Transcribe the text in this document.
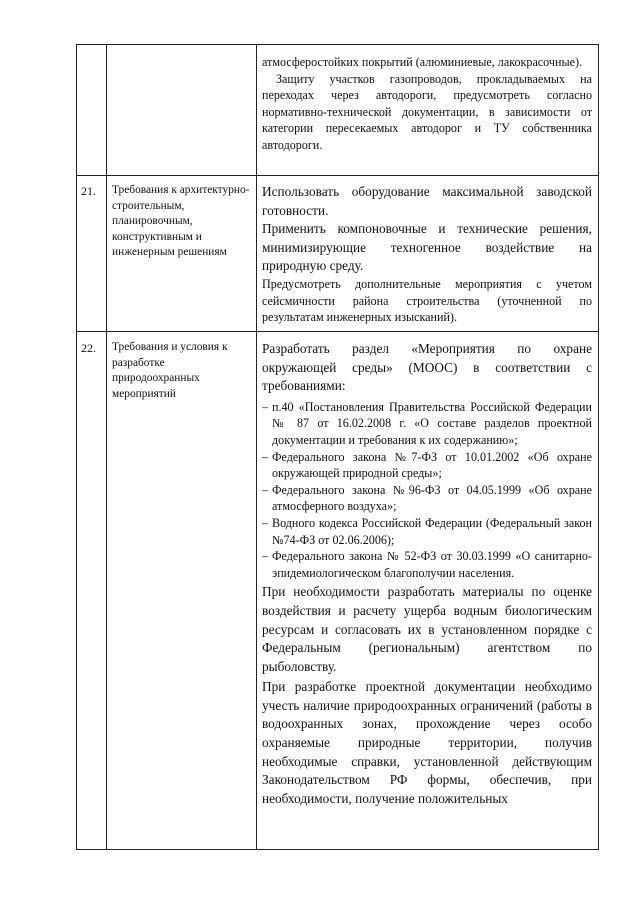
атмосферостойких покрытий (алюминиевые, лакокрасочные).

Защиту участков газопроводов, прокладываемых на переходах через автодороги, предусмотреть согласно нормативно-технической документации, в зависимости от категории пересекаемых автодорог и ТУ собственника автодороги.

21. Требования к архитектурно-строительным, планировочным, конструктивным и инженерным решениям

Использовать оборудование максимальной заводской готовности.

Применить компоновочные и технические решения, минимизирующие техногенное воздействие на природную среду.

Предусмотреть дополнительные мероприятия с учетом сейсмичности района строительства (уточненной по результатам инженерных изысканий).

22. Требования и условия к разработке природоохранных мероприятий

Разработать раздел «Мероприятия по охране окружающей среды» (МООС) в соответствии с требованиями:

– п.40 «Постановления Правительства Российской Федерации № 87 от 16.02.2008 г. «О составе разделов проектной документации и требования к их содержанию»;

– Федерального закона №7-ФЗ от 10.01.2002 «Об охране окружающей природной среды»;

– Федерального закона №96-ФЗ от 04.05.1999 «Об охране атмосферного воздуха»;

– Водного кодекса Российской Федерации (Федеральный закон №74-ФЗ от 02.06.2006);

– Федерального закона № 52-ФЗ от 30.03.1999 «О санитарно-эпидемиологическом благополучии населения.

При необходимости разработать материалы по оценке воздействия и расчету ущерба водным биологическим ресурсам и согласовать их в установленном порядке с Федеральным (региональным) агентством по рыболовству.

При разработке проектной документации необходимо учесть наличие природоохранных ограничений (работы в водоохранных зонах, прохождение через особо охраняемые природные территории, получив необходимые справки, установленной действующим Законодательством РФ формы, обеспечив, при необходимости, получение положительных
